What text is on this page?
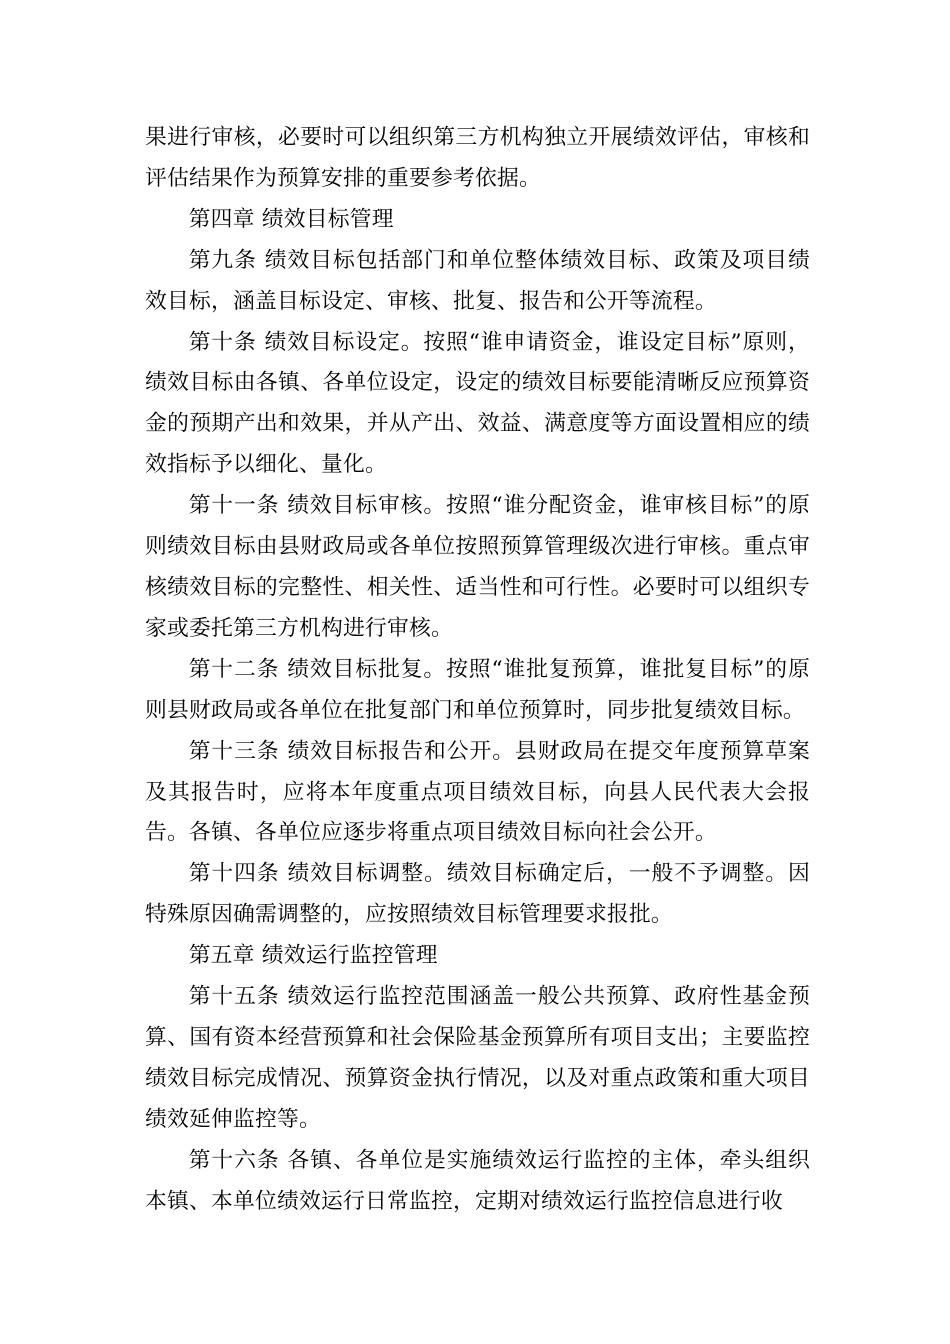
果进行审核，必要时可以组织第三方机构独立开展绩效评估，审核和评估结果作为预算安排的重要参考依据。

第四章 绩效目标管理

第九条 绩效目标包括部门和单位整体绩效目标、政策及项目绩效目标，涵盖目标设定、审核、批复、报告和公开等流程。

第十条 绩效目标设定。按照“谁申请资金，谁设定目标”原则，绩效目标由各镇、各单位设定，设定的绩效目标要能清晰反应预算资金的预期产出和效果，并从产出、效益、满意度等方面设置相应的绩效指标予以细化、量化。

第十一条 绩效目标审核。按照“谁分配资金，谁审核目标”的原则绩效目标由县财政局或各单位按照预算管理级次进行审核。重点审核绩效目标的完整性、相关性、适当性和可行性。必要时可以组织专家或委托第三方机构进行审核。

第十二条 绩效目标批复。按照“谁批复预算，谁批复目标”的原则县财政局或各单位在批复部门和单位预算时，同步批复绩效目标。

第十三条 绩效目标报告和公开。县财政局在提交年度预算草案及其报告时，应将本年度重点项目绩效目标，向县人民代表大会报告。各镇、各单位应逐步将重点项目绩效目标向社会公开。

第十四条 绩效目标调整。绩效目标确定后，一般不予调整。因特殊原因确需调整的，应按照绩效目标管理要求报批。

第五章 绩效运行监控管理

第十五条 绩效运行监控范围涵盖一般公共预算、政府性基金预算、国有资本经营预算和社会保险基金预算所有项目支出；主要监控绩效目标完成情况、预算资金执行情况，以及对重点政策和重大项目绩效延伸监控等。

第十六条 各镇、各单位是实施绩效运行监控的主体，牵头组织本镇、本单位绩效运行日常监控，定期对绩效运行监控信息进行收
